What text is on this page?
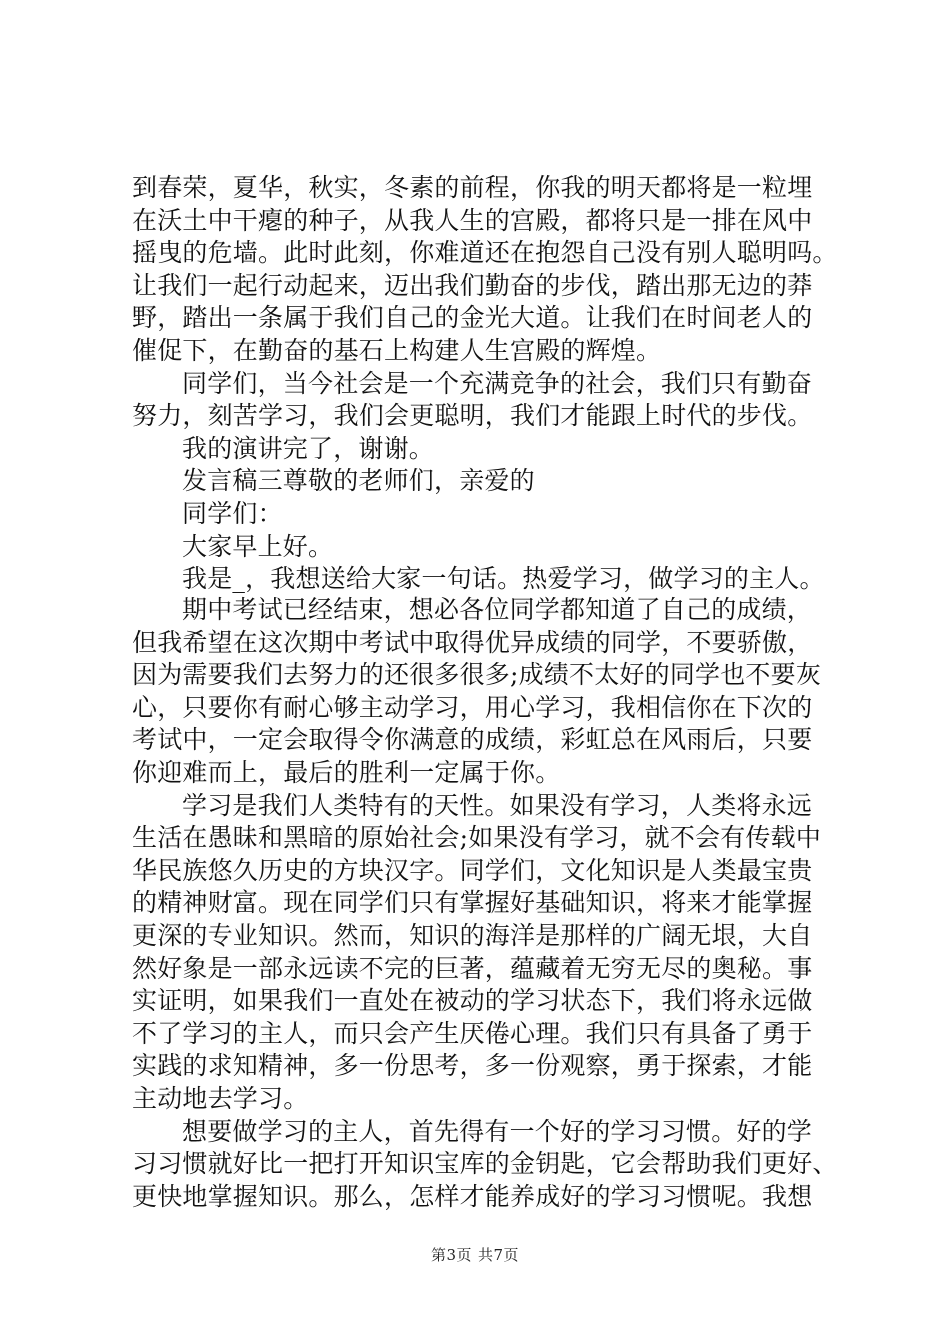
到春荣，夏华，秋实，冬素的前程，你我的明天都将是一粒埋
在沃土中干瘪的种子，从我人生的宫殿，都将只是一排在风中
摇曳的危墙。此时此刻，你难道还在抱怨自己没有别人聪明吗。
让我们一起行动起来，迈出我们勤奋的步伐，踏出那无边的莽
野，踏出一条属于我们自己的金光大道。让我们在时间老人的
催促下，在勤奋的基石上构建人生宫殿的辉煌。
同学们，当今社会是一个充满竞争的社会，我们只有勤奋
努力，刻苦学习，我们会更聪明，我们才能跟上时代的步伐。
我的演讲完了，谢谢。
发言稿三尊敬的老师们，亲爱的
同学们：
大家早上好。
我是_，我想送给大家一句话。热爱学习，做学习的主人。
期中考试已经结束，想必各位同学都知道了自己的成绩，
但我希望在这次期中考试中取得优异成绩的同学，不要骄傲，
因为需要我们去努力的还很多很多;成绩不太好的同学也不要灰
心，只要你有耐心够主动学习，用心学习，我相信你在下次的
考试中，一定会取得令你满意的成绩，彩虹总在风雨后，只要
你迎难而上，最后的胜利一定属于你。
学习是我们人类特有的天性。如果没有学习，人类将永远
生活在愚昧和黑暗的原始社会;如果没有学习，就不会有传载中
华民族悠久历史的方块汉字。同学们，文化知识是人类最宝贵
的精神财富。现在同学们只有掌握好基础知识，将来才能掌握
更深的专业知识。然而，知识的海洋是那样的广阔无垠，大自
然好象是一部永远读不完的巨著，蕴藏着无穷无尽的奥秘。事
实证明，如果我们一直处在被动的学习状态下，我们将永远做
不了学习的主人，而只会产生厌倦心理。我们只有具备了勇于
实践的求知精神，多一份思考，多一份观察，勇于探索，才能
主动地去学习。
想要做学习的主人，首先得有一个好的学习习惯。好的学
习习惯就好比一把打开知识宝库的金钥匙，它会帮助我们更好、
更快地掌握知识。那么，怎样才能养成好的学习习惯呢。我想
第3页 共7页
